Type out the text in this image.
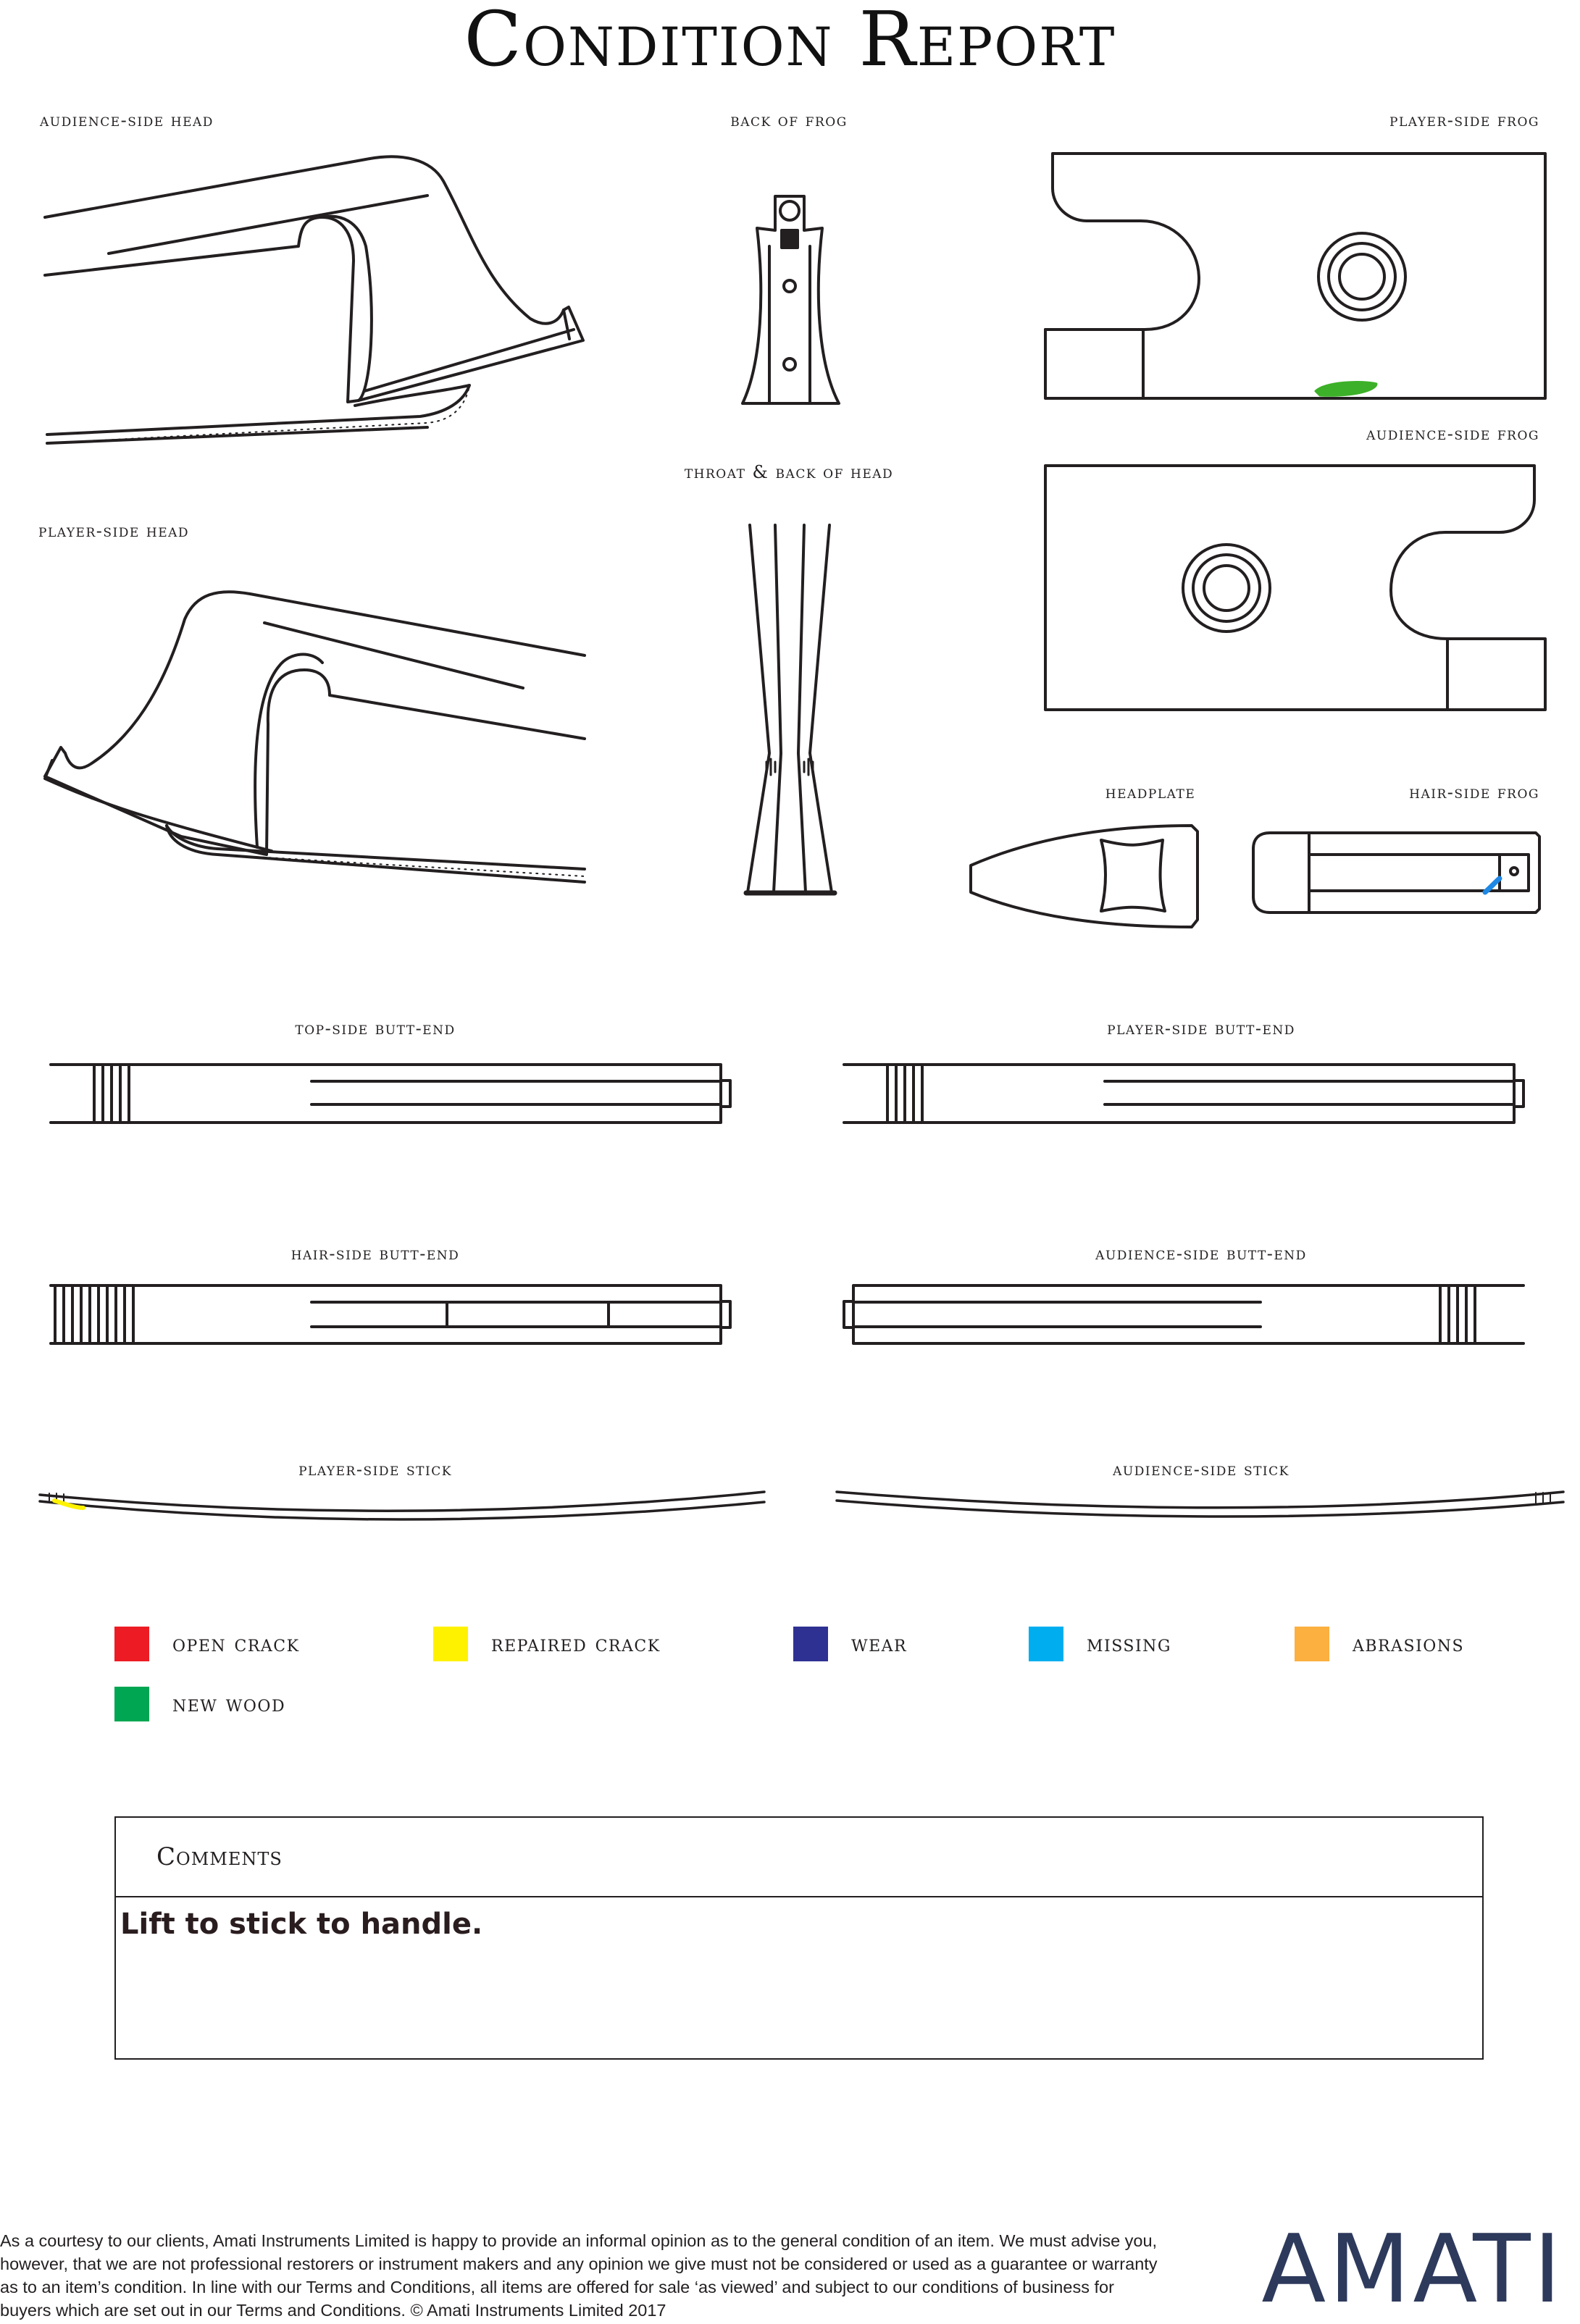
Condition Report
audience-side head	back of frog	player-side frog
throat & back of head
audience-side frog
player-side head
headplate	hair-side frog
top-side butt-end	player-side butt-end
hair-side butt-end	audience-side butt-end
player-side stick	audience-side stick
open crack	repaired crack	wear	missing	abrasions
new wood
Comments
Lift to stick to handle.

As a courtesy to our clients, Amati Instruments Limited is happy to provide an informal opinion as to the general condition of an item. We must advise you, however, that we are not professional restorers or instrument makers and any opinion we give must not be considered or used as a guarantee or warranty as to an item’s condition. In line with our Terms and Conditions, all items are offered for sale ‘as viewed’ and subject to our conditions of business for buyers which are set out in our Terms and Conditions. © Amati Instruments Limited 2017	AMATI
